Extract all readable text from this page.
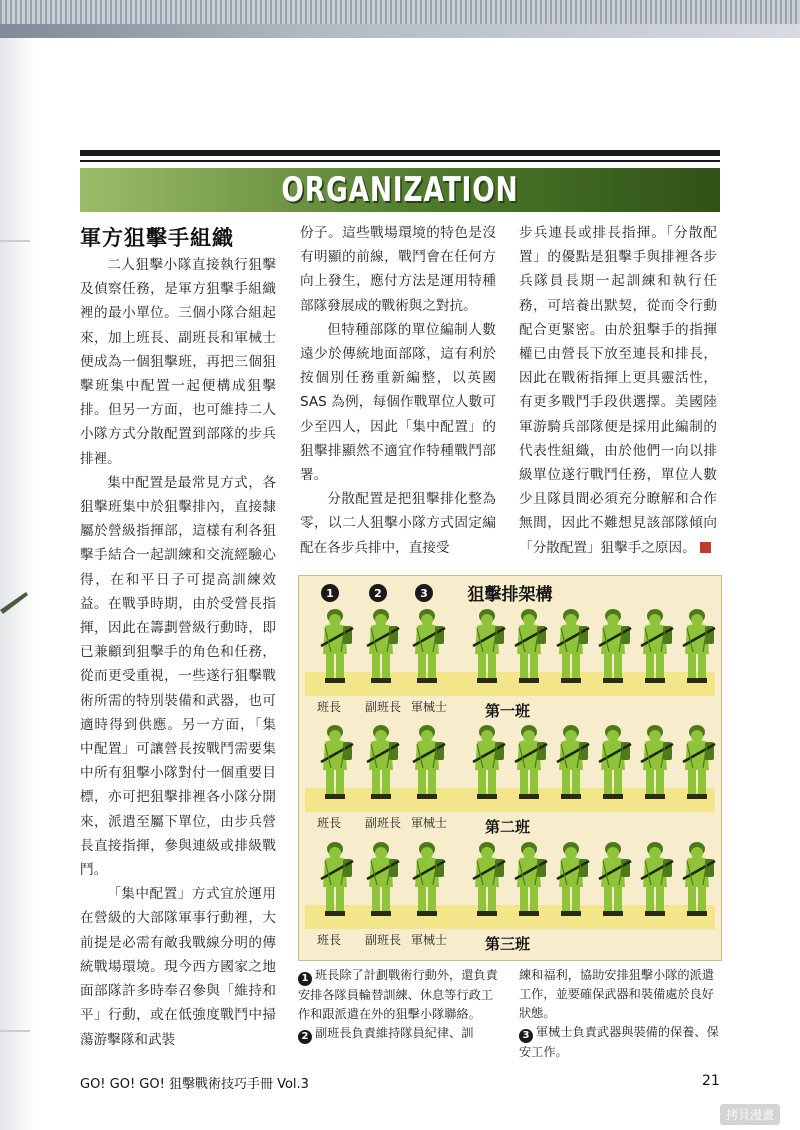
ORGANIZATION
軍方狙擊手組織

二人狙擊小隊直接執行狙擊及偵察任務，是軍方狙擊手組織裡的最小單位。三個小隊合組起來，加上班長、副班長和軍械士便成為一個狙擊班，再把三個狙擊班集中配置一起便構成狙擊排。但另一方面，也可維持二人小隊方式分散配置到部隊的步兵排裡。

集中配置是最常見方式，各狙擊班集中於狙擊排內，直接隸屬於營級指揮部，這樣有利各狙擊手結合一起訓練和交流經驗心得，在和平日子可提高訓練效益。在戰爭時期，由於受營長指揮，因此在籌劃營級行動時，即已兼顧到狙擊手的角色和任務，從而更受重視，一些遂行狙擊戰術所需的特別裝備和武器，也可適時得到供應。另一方面，「集中配置」可讓營長按戰鬥需要集中所有狙擊小隊對付一個重要目標，亦可把狙擊排裡各小隊分開來，派遣至屬下單位，由步兵營長直接指揮，參與連級或排級戰鬥。

「集中配置」方式宜於運用在營級的大部隊軍事行動裡，大前提是必需有敵我戰線分明的傳統戰場環境。現今西方國家之地面部隊許多時奉召參與「維持和平」行動，或在低強度戰鬥中掃蕩游擊隊和武裝

份子。這些戰場環境的特色是沒有明顯的前線，戰鬥會在任何方向上發生，應付方法是運用特種部隊發展成的戰術與之對抗。

但特種部隊的單位編制人數遠少於傳統地面部隊，這有利於按個別任務重新編整，以英國 SAS 為例，每個作戰單位人數可少至四人，因此「集中配置」的狙擊排顯然不適宜作特種戰鬥部署。

分散配置是把狙擊排化整為零，以二人狙擊小隊方式固定編配在各步兵排中，直接受

步兵連長或排長指揮。「分散配置」的優點是狙擊手與排裡各步兵隊員長期一起訓練和執行任務，可培養出默契，從而令行動配合更緊密。由於狙擊手的指揮權已由營長下放至連長和排長，因此在戰術指揮上更具靈活性，有更多戰鬥手段供選擇。美國陸軍游騎兵部隊便是採用此編制的代表性組織，由於他們一向以排級單位遂行戰鬥任務，單位人數少且隊員間必須充分瞭解和合作無間，因此不難想見該部隊傾向「分散配置」狙擊手之原因。

狙擊排架構
1	2	3
班長 副班長 軍械士	第一班
班長 副班長 軍械士	第二班
班長 副班長 軍械士	第三班
1 班長除了計劃戰術行動外，還負責安排各隊員輪替訓練、休息等行政工作和跟派遣在外的狙擊小隊聯絡。
2 副班長負責維持隊員紀律、訓
練和福利，協助安排狙擊小隊的派遣工作，並要確保武器和裝備處於良好狀態。
3 軍械士負責武器與裝備的保養、保安工作。
GO! GO! GO! 狙擊戰術技巧手冊 Vol.3	21
拷貝漫畫
